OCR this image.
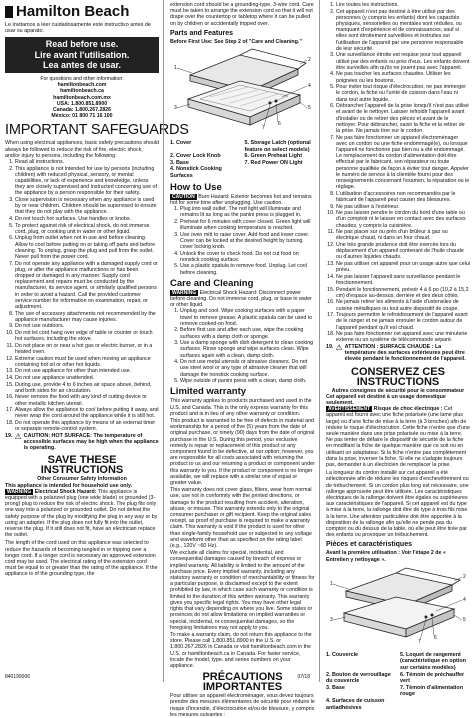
Hamilton Beach
Le invitamos a leer cuidadosamente este instructivo antes de usar su aparato.
Read before use.
Lire avant l'utilisation.
Lea antes de usar.

For questions and other information:

hamiltonbeach.com

hamiltonbeach.ca

hamiltonbeach.com.mx

USA: 1.800.851.8900

Canada: 1.800.267.2826

México: 01 800 71 16 100

IMPORTANT SAFEGUARDS

When using electrical appliances, basic safety precautions should always be followed to reduce the risk of fire, electric shock, and/or injury to persons, including the following:

1. Read all instructions.
2. This appliance is not intended for use by persons (including children) with reduced physical, sensory, or mental capabilities, or lack of experience and knowledge, unless they are closely supervised and instructed concerning use of the appliance by a person responsible for their safety.
3. Close supervision is necessary when any appliance is used by or near children. Children should be supervised to ensure that they do not play with the appliance.
4. Do not touch hot surfaces. Use handles or knobs.
5. To protect against risk of electrical shock, do not immerse cord, plug, or cooking unit in water or other liquid.
6. Unplug from outlet when not in use and before cleaning. Allow to cool before putting on or taking off parts and before cleaning. To unplug, grasp the plug and pull from the outlet. Never pull from the power cord.
7. Do not operate any appliance with a damaged supply cord or plug, or after the appliance malfunctions or has been dropped or damaged in any manner. Supply cord replacement and repairs must be conducted by the manufacturer, its service agent, or similarly qualified persons in order to avoid a hazard. Call the provided customer service number for information on examination, repair, or adjustment.
8. The use of accessory attachments not recommended by the appliance manufacturer may cause injuries.
9. Do not use outdoors.
10. Do not let cord hang over edge of table or counter or touch hot surfaces, including the stove.
11. Do not place on or near a hot gas or electric burner, or in a heated oven.
12. Extreme caution must be used when moving an appliance containing hot oil or other hot liquids.
13. Do not use appliance for other than intended use.
14. Do not use appliance unattended.
15. During use, provide 4 to 6 inches air space above, behind, and both sides for air circulation.
16. Never remove the food with any kind of cutting device or other metallic kitchen utensil.
17. Always allow the appliance to cool before putting it away, and never wrap the cord around the appliance while it is still hot.
18. Do not operate this appliance by means of an external timer or separate remote-control system.
19. ⚠ CAUTION: HOT SURFACE: The temperature of accessible surfaces may be high when the appliance is operating.
SAVE THESE INSTRUCTIONS

Other Consumer Safety Information

This appliance is intended for household use only.

WARNING Electrical Shock Hazard: This appliance is equipped with a polarized plug (one wide blade) or grounded (3-prong) plug to reduce the risk of electric shock. The plug fits only one way into a polarized or grounded outlet. Do not defeat the safety purpose of the plug by modifying the plug in any way or by using an adapter. If the plug does not fully fit into the outlet, reverse the plug. If it still does not fit, have an electrician replace the outlet.

The length of the cord used on this appliance was selected to reduce the hazards of becoming tangled in or tripping over a longer cord. If a longer cord is necessary an approved extension cord may be used. The electrical rating of the extension cord must be equal to or greater than the rating of the appliance. If the appliance is of the grounding type, the

extension cord should be a grounding-type, 3-wire cord. Care must be taken to arrange the extension cord so that it will not drape over the countertop or tabletop where it can be pulled on by children or accidentally tripped over.

Parts and Features

Before First Use: See Step 2 of "Care and Cleaning."

1
2
3
4
5
6
7
1. Cover	5. Storage Latch (optional feature on select models)
2. Cover Lock Knob	6. Green Preheat Light
3. Base	7. Red Power ON Light
4. Nonstick Cooking Surfaces
How to Use

CAUTION Burn Hazard: Exterior becomes hot and remains hot for some time after unplugging. Use caution.

1. Plug into wall outlet. The red light will illuminate and remains lit as long as the panini press is plugged in.
2. Preheat for 6 minutes with cover closed. Green light will illuminate when cooking temperature is reached.
3. Use oven mitt to raise cover. Add food and lower cover. Cover can be locked at the desired height by turning cover locking knob.
4. Unlock the cover to check food. Do not cut food on nonstick cooking surface.
5. Use a plastic spatula to remove food. Unplug. Let cool before cleaning.
Care and Cleaning

WARNING Electrical Shock Hazard: Disconnect power before cleaning. Do not immerse cord, plug, or base in water or other liquid.

1. Unplug and cool. Wipe cooking surfaces with a paper towel to remove grease. A plastic spatula can be used to remove cooked-on food.
2. Before first use and after each use, wipe the cooking surfaces with a damp cloth or sponge.
3. Use a damp sponge with dish detergent to clean cooking surfaces. Rinse sponge and wipe surfaces clean. Wipe surfaces again with a clean, damp cloth.
4. Do not use metal utensils or abrasive cleaners. Do not use steel wool or any type of abrasive cleaner that will damage the nonstick cooking surface.
5. Wipe outside of panini press with a clean, damp cloth.
Limited warranty

This warranty applies to products purchased and used in the U.S. and Canada. This is the only express warranty for this product and is in lieu of any other warranty or condition.

This product is warranted to be free of defects in material and workmanship for a period of five (5) years from the date of original purchase, or ninety (90) days from the date of original purchase in the U.S. During this period, your exclusive remedy is repair or replacement of this product or any component found to be defective, at our option; however, you are responsible for all costs associated with returning the product to us and our returning a product or component under this warranty to you. If the product or component is no longer available, we will replace with a similar one of equal or greater value.

This warranty does not cover glass, filters, wear from normal use, use not in conformity with the printed directions, or damage to the product resulting from accident, alteration, abuse, or misuse. This warranty extends only to the original consumer purchaser or gift recipient. Keep the original sales receipt, as proof of purchase is required to make a warranty claim. This warranty is void if the product is used for other than single-family household use or subjected to any voltage and waveform other than as specified on the rating label (e.g., 120V ~60 Hz).

We exclude all claims for special, incidental, and consequential damages caused by breach of express or implied warranty. All liability is limited to the amount of the purchase price. Every implied warranty, including any statutory warranty or condition of merchantability or fitness for a particular purpose, is disclaimed except to the extent prohibited by law, in which case such warranty or condition is limited to the duration of this written warranty. This warranty gives you specific legal rights. You may have other legal rights that vary depending on where you live. Some states or provinces do not allow limitations on implied warranties or special, incidental, or consequential damages, so the foregoing limitations may not apply to you.

To make a warranty claim, do not return this appliance to the store. Please call 1.800.851.8900 in the U.S. or 1.800.267.2826 in Canada or visit hamiltonbeach.com in the U.S. or hamiltonbeach.ca in Canada. For faster service, locate the model, type, and series numbers on your appliance.

PRÉCAUTIONS IMPORTANTES

Pour utiliser un appareil électroménager, vous devez toujours prendre des mesures élémentaires de sécurité pour réduire le risque d'incendie, d'électrocution et/ou de blessure, y compris les mesures suivantes :

1. Lire toutes les instructions.
2. Cet appareil n'est pas destiné à être utilisé par des personnes (y compris les enfants) dont les capacités physiques, sensorielles ou mentales sont réduites, ou manquant d'expérience et de connaissances, sauf si elles sont étroitement surveillées et instruites sur l'utilisation de l'appareil par une personne responsable de leur sécurité.
3. Une surveillance étroite est requise pour tout appareil utilisé par des enfants ou près d'eux. Les enfants doivent être surveillés afin qu'ils ne jouent pas avec l'appareil.
4. Ne pas toucher les surfaces chaudes. Utiliser les poignées ou les boutons.
5. Pour éviter tout risque d'électrocution, ne pas immerger le cordon, la fiche ou l'unité de cuisson dans l'eau ni dans tout autre liquide.
6. Débrancher l'appareil de la prise lorsqu'il n'est pas utilisé et avant de le nettoyer. Laisser refroidir l'appareil avant d'installer ou de retirer des pièces et avant de le nettoyer. Pour débrancher, saisir la fiche et la retirer de la prise. Ne jamais tirer sur le cordon.
7. Ne pas faire fonctionner un appareil électroménager avec un cordon ou une fiche endommagé(e), ou lorsque l'appareil ne fonctionne pas bien ou a été endommagé. Le remplacement du cordon d'alimentation doit être effectué par le fabricant, son réparateur ou toute personne qualifiée de façon à éviter tout danger. Appeler le numéro de service à la clientèle fourni pour des renseignements concernant l'examen, la réparation ou le réglage.
8. L'utilisation d'accessoires non recommandés par le fabricant de l'appareil peut causer des blessures.
9. Ne pas utiliser à l'extérieur.
10. Ne pas laisser pendre le cordon du bord d'une table ou d'un comptoir ni le laisser en contact avec des surfaces chaudes, y compris la cuisinière.
11. Ne pas placer sur ou près d'un brûleur à gaz ou électrique chaud, ni dans un four chaud.
12. Une très grande prudence doit être exercée lors du déplacement d'un appareil contenant de l'huile chaude ou d'autres liquides chauds.
13. Ne pas utiliser cet appareil pour un usage autre que celui prévu.
14. Ne pas laisser l'appareil sans surveillance pendant le fonctionnement.
15. Pendant le fonctionnement, prévoir 4 à 6 po (10,2 à 15,2 cm) d'espace au-dessus, derrière et des deux côtés.
16. Ne jamais retirer les aliments à l'aide d'ustensiles de cuisine métalliques ou tout autre dispositif de coupe.
17. Toujours permettre le refroidissement de l'appareil avant de le ranger et ne jamais enrouler le cordon autour de l'appareil pendant qu'il est chaud.
18. Ne pas faire fonctionner cet appareil avec une minuterie externe ou un système de télécommande séparé.
19. ⚠ ATTENTION : SURFACE CHAUDE : La température des surfaces extérieures peut être élevée pendant le fonctionnement de l'appareil.
CONSERVEZ CES INSTRUCTIONS

Autres consignes de sécurité pour le consommateur

Cet appareil est destiné à un usage domestique seulement.

AVERTISSEMENT Risque de choc électrique : Cet appareil est fourni avec une fiche polarisée (une lame plus large) ou d'une fiche de mise à la terre (à 3 broches) afin de réduire le risque d'électrocution. Cette fiche n'entre que d'une seule manière dans une prise polarisée ou mise à la terre. Ne pas tenter de défaire le dispositif de sécurité de la fiche en modifiant la fiche de quelque manière que ce soit ou en utilisant un adaptateur. Si la fiche n'entre pas complètement dans la prise, inverser la fiche. Si elle ne s'adapte toujours pas, demander à un électricien de remplacer la prise.

La longueur du cordon installé sur cet appareil a été sélectionnée afin de réduire les risques d'enchevêtrement ou de trébuchement. Si un cordon plus long est nécessaire, une rallonge approuvée peut être utilisée. Les caractéristiques électriques de la rallonge doivent être égales ou supérieures aux caractéristiques de l'appareil. Si cet appareil est du type à mise à la terre, la rallonge doit être de type à trois fils mise à la terre. Une attention particulière doit être apportée à la disposition de la rallonge afin qu'elle ne pende pas du comptoir ou du dessus de la table, où elle peut être tirée par des enfants ou provoquer un trébuchement.

Pièces et caractéristiques

Avant la première utilisation : Voir l'étape 2 de « Entretien y nettoyage ».

1
2
3
4
5
6
7
1. Couvercle	5. Loquet de rangement (caractéristique en option sur certains modèles)
2. Bouton de verrouillage du couvercle
6. Témoin de préchauffer vert
3. Base	7. Témoin d'alimentation rouge
4. Surfaces de cuisson antiadhésives
840199006	07/18
